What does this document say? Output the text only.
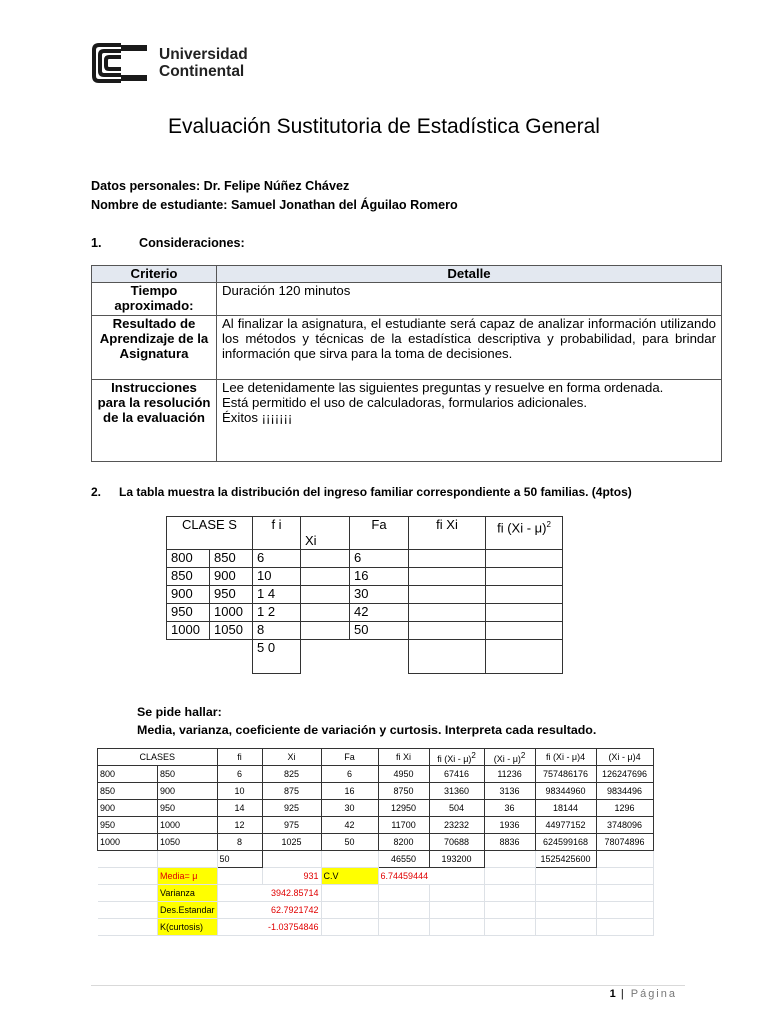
Universidad
Continental
Evaluación Sustitutoria de Estadística General
Datos personales: Dr. Felipe Núñez Chávez
Nombre de estudiante: Samuel Jonathan del Águilao Romero
1.	Consideraciones:
Criterio	Detalle
Tiempo aproximado:	Duración 120 minutos
Resultado de Aprendizaje de la Asignatura	Al finalizar la asignatura, el estudiante será capaz de analizar información utilizando los métodos y técnicas de la estadística descriptiva y probabilidad, para brindar información que sirva para la toma de decisiones.
Instrucciones para la resolución de la evaluación	Lee detenidamente las siguientes preguntas y resuelve en forma ordenada.
Está permitido el uso de calculadoras, formularios adicionales.
Éxitos ¡¡¡¡¡¡¡
2. La tabla muestra la distribución del ingreso familiar correspondiente a 50 familias. (4ptos)
CLASE S		f i	Xi	Fa	fi Xi	fi (Xi - μ)$^2$
800	850	6		6		
850	900	10		16		
900	950	1 4		30		
950	1000	1 2		42		
1000	1050	8		50		
		5 0				
Se pide hallar:
Media, varianza, coeficiente de variación y curtosis. Interpreta cada resultado.
CLASES		fi	Xi	Fa	fi Xi	fi (Xi - μ)$^2$	(Xi - μ)$^2$	fi (Xi - μ)4	(Xi - μ)4
800	850	6	825	6	4950	67416	11236	757486176	126247696
850	900	10	875	16	8750	31360	3136	98344960	9834496
900	950	14	925	30	12950	504	36	18144	1296
950	1000	12	975	42	11700	23232	1936	44977152	3748096
1000	1050	8	1025	50	8200	70688	8836	624599168	78074896
		50			46550	193200		1525425600	
	Media= μ		931	C.V	6.74459444				
	Varianza	3942.85714							
	Des.Estandar	62.7921742							
	K(curtosis)	-1.03754846							
1 | Página
